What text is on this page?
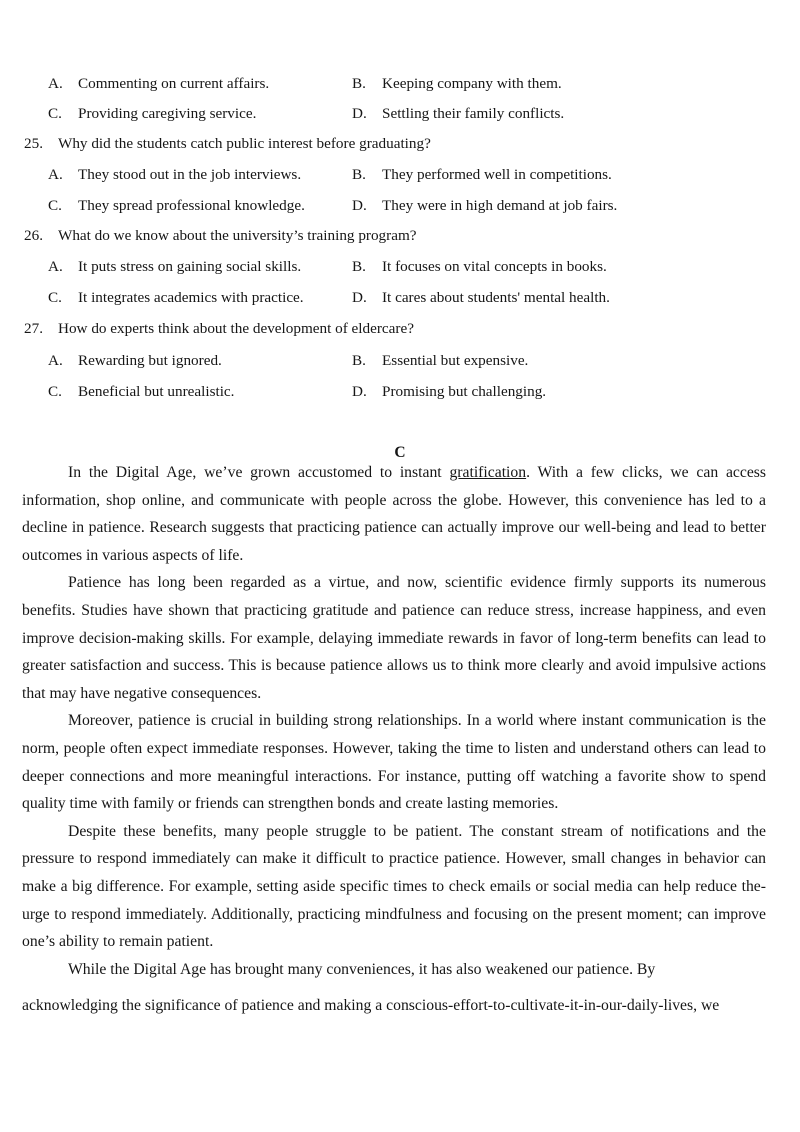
A. Commenting on current affairs.	B. Keeping company with them.
C. Providing caregiving service.	D. Settling their family conflicts.
25. Why did the students catch public interest before graduating?
A. They stood out in the job interviews.	B. They performed well in competitions.
C. They spread professional knowledge.	D. They were in high demand at job fairs.
26. What do we know about the university’s training program?
A. It puts stress on gaining social skills.	B. It focuses on vital concepts in books.
C. It integrates academics with practice.	D. It cares about students' mental health.
27. How do experts think about the development of eldercare?
A. Rewarding but ignored.	B. Essential but expensive.
C. Beneficial but unrealistic.	D. Promising but challenging.
C

In the Digital Age, we’ve grown accustomed to instant gratification. With a few clicks, we can access information, shop online, and communicate with people across the globe. However, this convenience has led to a decline in patience. Research suggests that practicing patience can actually improve our well-being and lead to better outcomes in various aspects of life.

Patience has long been regarded as a virtue, and now, scientific evidence firmly supports its numerous benefits. Studies have shown that practicing gratitude and patience can reduce stress, increase happiness, and even improve decision-making skills. For example, delaying immediate rewards in favor of long-term benefits can lead to greater satisfaction and success. This is because patience allows us to think more clearly and avoid impulsive actions that may have negative consequences.

Moreover, patience is crucial in building strong relationships. In a world where instant communication is the norm, people often expect immediate responses. However, taking the time to listen and understand others can lead to deeper connections and more meaningful interactions. For instance, putting off watching a favorite show to spend quality time with family or friends can strengthen bonds and create lasting memories.

Despite these benefits, many people struggle to be patient. The constant stream of notifications and the pressure to respond immediately can make it difficult to practice patience. However, small changes in behavior can make a big difference. For example, setting aside specific times to check emails or social media can help reduce the-urge to respond immediately. Additionally, practicing mindfulness and focusing on the present moment; can improve one’s ability to remain patient.

While the Digital Age has brought many conveniences, it has also weakened our patience. By

acknowledging the significance of patience and making a conscious-effort-to-cultivate-it-in-our-daily-lives, we
